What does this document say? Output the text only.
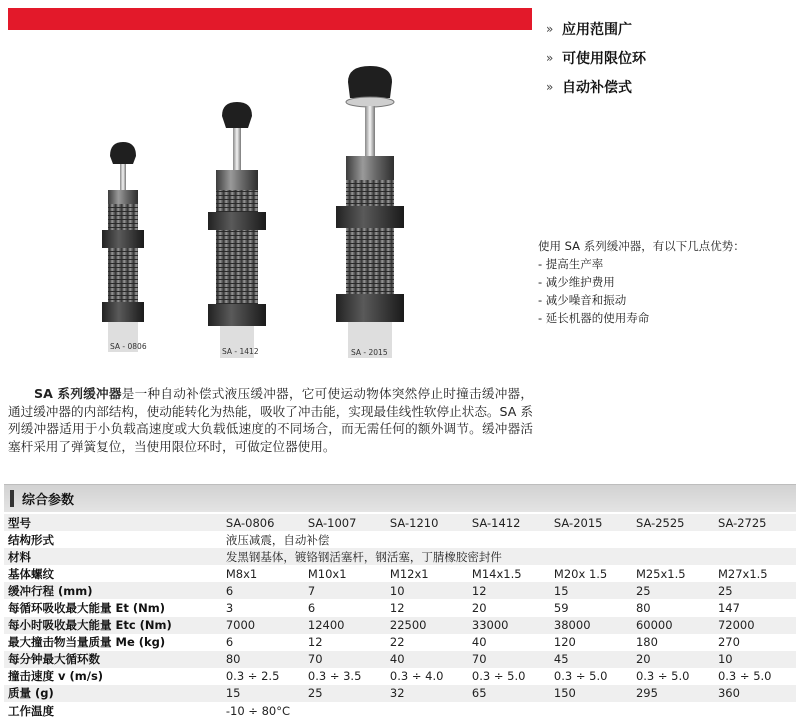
» 应用范围广
» 可使用限位环
» 自动补偿式
SA - 0806
SA - 1412	SA - 2015
使用 SA 系列缓冲器，有以下几点优势：
- 提高生产率
- 减少维护费用
- 减少噪音和振动
- 延长机器的使用寿命
SA 系列缓冲器是一种自动补偿式液压缓冲器，它可使运动物体突然停止时撞击缓冲器，通过缓冲器的内部结构，使动能转化为热能，吸收了冲击能，实现最佳线性软停止状态。SA 系列缓冲器适用于小负载高速度或大负载低速度的不同场合，而无需任何的额外调节。缓冲器活塞杆采用了弹簧复位，当使用限位环时，可做定位器使用。
综合参数
型号	SA-0806	SA-1007	SA-1210	SA-1412	SA-2015	SA-2525	SA-2725
结构形式	液压减震，自动补偿						
材料	发黑钢基体，镀铬钢活塞杆，钢活塞，丁腈橡胶密封件						
基体螺纹	M8x1	M10x1	M12x1	M14x1.5	M20x 1.5	M25x1.5	M27x1.5
缓冲行程 (mm)	6	7	10	12	15	25	25
每循环吸收最大能量 Et (Nm)	3	6	12	20	59	80	147
每小时吸收最大能量 Etc (Nm)	7000	12400	22500	33000	38000	60000	72000
最大撞击物当量质量 Me (kg)	6	12	22	40	120	180	270
每分钟最大循环数	80	70	40	70	45	20	10
撞击速度 v (m/s)	0.3 ÷ 2.5	0.3 ÷ 3.5	0.3 ÷ 4.0	0.3 ÷ 5.0	0.3 ÷ 5.0	0.3 ÷ 5.0	0.3 ÷ 5.0
质量 (g)	15	25	32	65	150	295	360
工作温度	-10 ÷ 80°C						
